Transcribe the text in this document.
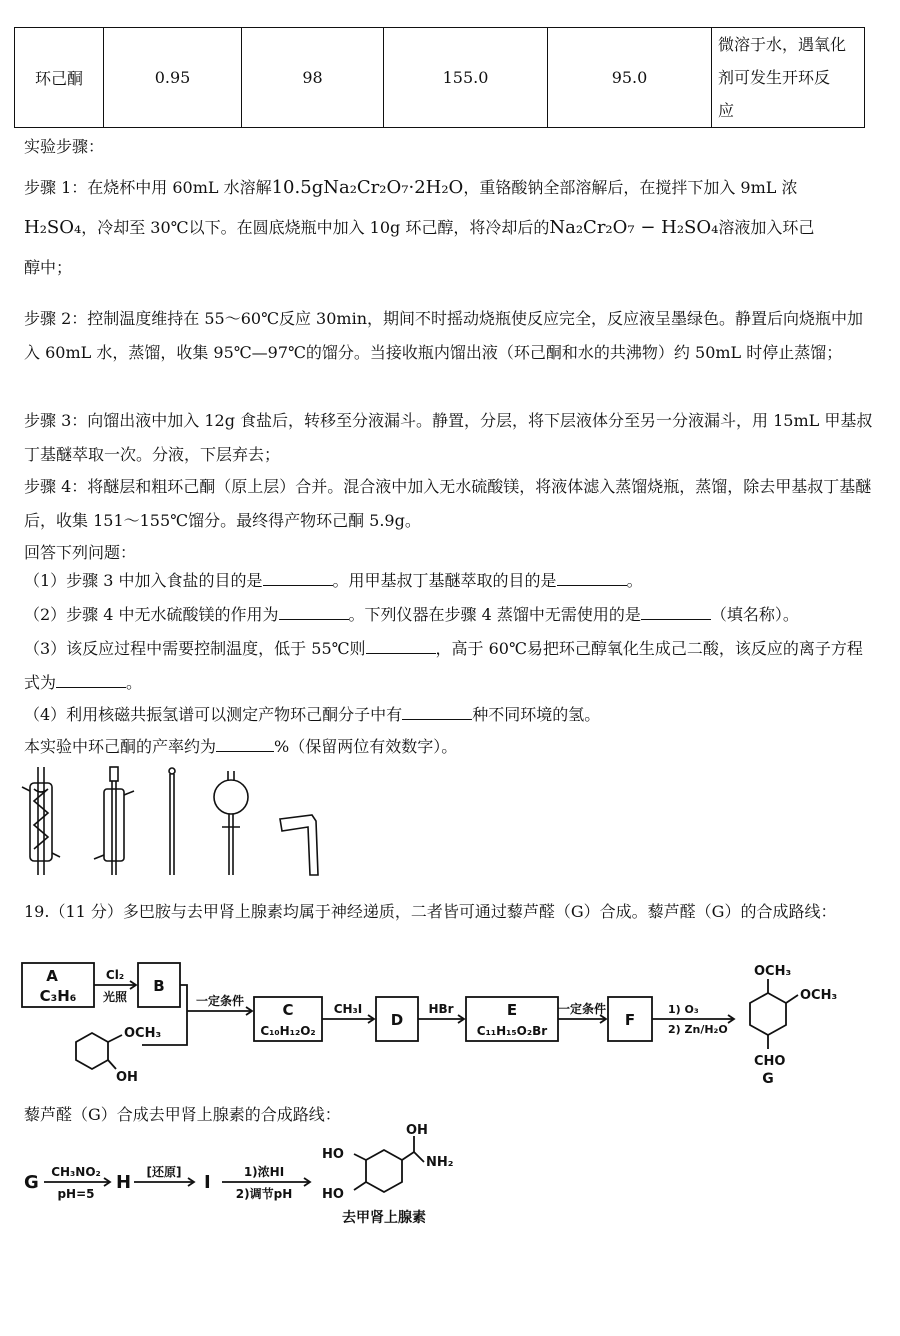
环己酮	0.95	98	155.0	95.0	
微溶于水，遇氧化
剂可发生开环反
应
实验步骤：
步骤 1：在烧杯中用 60mL 水溶解10.5gNa₂Cr₂O₇·2H₂O，重铬酸钠全部溶解后，在搅拌下加入 9mL 浓
H₂SO₄，冷却至 30℃以下。在圆底烧瓶中加入 10g 环己醇，将冷却后的Na₂Cr₂O₇ − H₂SO₄溶液加入环己
醇中；
步骤 2：控制温度维持在 55～60℃反应 30min，期间不时摇动烧瓶使反应完全，反应液呈墨绿色。静置后向烧瓶中加入 60mL 水，蒸馏，收集 95℃—97℃的馏分。当接收瓶内馏出液（环己酮和水的共沸物）约 50mL 时停止蒸馏；
步骤 3：向馏出液中加入 12g 食盐后，转移至分液漏斗。静置，分层，将下层液体分至另一分液漏斗，用 15mL 甲基叔丁基醚萃取一次。分液，下层弃去；
步骤 4：将醚层和粗环己酮（原上层）合并。混合液中加入无水硫酸镁，将液体滤入蒸馏烧瓶，蒸馏，除去甲基叔丁基醚后，收集 151～155℃馏分。最终得产物环己酮 5.9g。
回答下列问题：
（1）步骤 3 中加入食盐的目的是	。用甲基叔丁基醚萃取的目的是	。
（2）步骤 4 中无水硫酸镁的作用为	。下列仪器在步骤 4 蒸馏中无需使用的是	（填名称）。
（3）该反应过程中需要控制温度，低于 55℃则	，高于 60℃易把环己醇氧化生成己二酸，该反应的离子方程式为	。
（4）利用核磁共振氢谱可以测定产物环己酮分子中有	种不同环境的氢。
本实验中环己酮的产率约为	%（保留两位有效数字）。
19.（11 分）多巴胺与去甲肾上腺素均属于神经递质，二者皆可通过藜芦醛（G）合成。藜芦醛（G）的合成路线：
A
C₃H₆
Cl₂
光照
B
一定条件	C
C₁₀H₁₂O₂
CH₃I
D
HBr	E
C₁₁H₁₅O₂Br
一定条件
F
1) O₃
2) Zn/H₂O
OCH₃
OH
OCH₃
OCH₃
CHO
G
藜芦醛（G）合成去甲肾上腺素的合成路线：
G CH₃NO₂
pH=5
H [还原] I	1)浓HI
2)调节pH
OH
NH₂
HO
HO
去甲肾上腺素
